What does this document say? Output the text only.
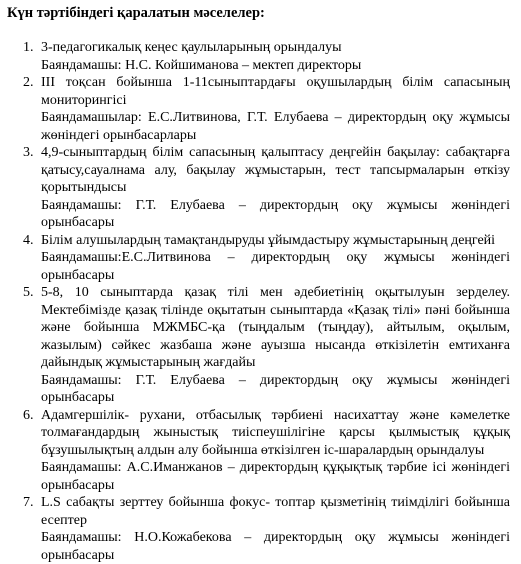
Күн тәртібіндегі қаралатын мәселелер:
1. 3-педагогикалық кеңес қаулыларының орындалуы
Баяндамашы: Н.С. Койшиманова – мектеп директоры
2. ІІІ тоқсан бойынша 1-11сыныптардағы оқушылардың білім сапасының мониторингісі
Баяндамашылар: Е.С.Литвинова, Г.Т. Елубаева – директордың оқу жұмысы жөніндегі орынбасарлары
3. 4,9-сыныптардың білім сапасының қалыптасу деңгейін бақылау: сабақтарға қатысу,сауалнама алу, бақылау жұмыстарын, тест тапсырмаларын өткізу қорытындысы
Баяндамашы: Г.Т. Елубаева – директордың оқу жұмысы жөніндегі орынбасары
4. Білім алушылардың тамақтандыруды ұйымдастыру жұмыстарының деңгейі
Баяндамашы:Е.С.Литвинова – директордың оқу жұмысы жөніндегі орынбасары
5. 5-8, 10 сыныптарда қазақ тілі мен әдебиетінің оқытылуын зерделеу. Мектебімізде қазақ тілінде оқытатын сыныптарда «Қазақ тілі» пәні бойынша және бойынша МЖМБС-қа (тыңдалым (тыңдау), айтылым, оқылым, жазылым) сәйкес жазбаша және ауызша нысанда өткізілетін емтиханға дайындық жұмыстарының жағдайы
Баяндамашы: Г.Т. Елубаева – директордың оқу жұмысы жөніндегі орынбасары
6. Адамгершілік- рухани, отбасылық тәрбиені насихаттау және кәмелетке толмағандардың жыныстық тиіспеушілігіне қарсы қылмыстық құқық бұзушылықтың алдын алу бойынша өткізілген іс-шаралардың орындалуы
Баяндамашы: А.С.Иманжанов – директордың құқықтық тәрбие ісі жөніндегі орынбасары
7. L.S сабақты зерттеу бойынша фокус- топтар қызметінің тиімділігі бойынша есептер
Баяндамашы: Н.О.Кожабекова – директордың оқу жұмысы жөніндегі орынбасары
